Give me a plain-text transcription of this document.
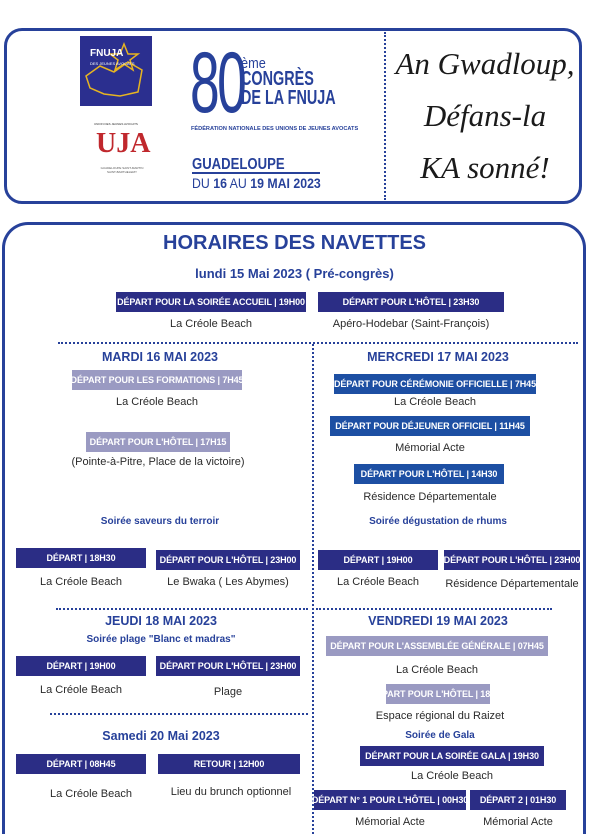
FNUJA
DES JEUNES AVOCATS
UNION DES JEUNES AVOCATS
UJA
GUADELOUPE SAINT-MARTIN SAINT-BARTHELEMY
80
ème
CONGRÈS
DE LA FNUJA
FÉDÉRATION NATIONALE DES UNIONS DE JEUNES AVOCATS
GUADELOUPE
DU 16 AU 19 MAI 2023
An Gwadloup,
Défans-la
KA sonné!
HORAIRES DES NAVETTES
lundi 15 Mai 2023 ( Pré-congrès)
DÉPART POUR LA SOIRÉE ACCUEIL | 19H00
La Créole Beach
DÉPART POUR L'HÔTEL | 23H30
Apéro-Hodebar (Saint-François)
MARDI 16 MAI 2023
DÉPART POUR LES FORMATIONS | 7H45
La Créole Beach
DÉPART POUR L'HÔTEL | 17H15
(Pointe-à-Pitre, Place de la victoire)
Soirée saveurs du terroir
DÉPART | 18H30
La Créole Beach
DÉPART POUR L'HÔTEL | 23H00
Le Bwaka ( Les Abymes)
MERCREDI 17 MAI 2023
DÉPART POUR CÉRÉMONIE OFFICIELLE | 7H45
La Créole Beach
DÉPART POUR DÉJEUNER OFFICIEL | 11H45
Mémorial Acte
DÉPART POUR L'HÔTEL | 14H30
Résidence Départementale
Soirée dégustation de rhums
DÉPART | 19H00
La Créole Beach
DÉPART POUR L'HÔTEL | 23H00
Résidence Départementale
JEUDI 18 MAI 2023
Soirée plage "Blanc et madras"
DÉPART | 19H00
La Créole Beach
DÉPART POUR L'HÔTEL | 23H00
Plage
Samedi 20 Mai 2023
DÉPART | 08H45
La Créole Beach
RETOUR | 12H00
Lieu du brunch optionnel
VENDREDI 19 MAI 2023
DÉPART POUR L'ASSEMBLÉE GÉNÉRALE | 07H45
La Créole Beach
DÉPART POUR L'HÔTEL | 18H00
Espace régional du Raizet
Soirée de Gala
DÉPART POUR LA SOIRÉE GALA | 19H30
La Créole Beach
DÉPART N° 1 POUR L'HÔTEL | 00H30
Mémorial Acte
DÉPART 2 | 01H30
Mémorial Acte
